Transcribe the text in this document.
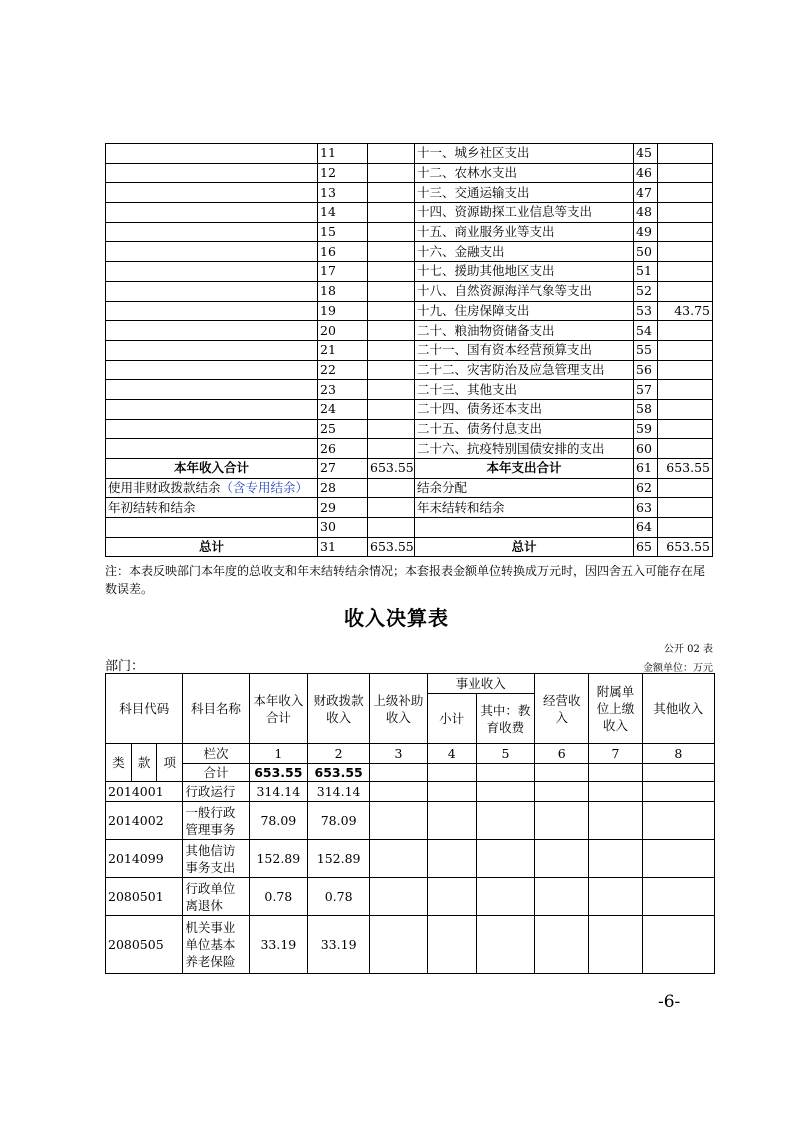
	11		十一、城乡社区支出	45	
	12		十二、农林水支出	46	
	13		十三、交通运输支出	47	
	14		十四、资源勘探工业信息等支出	48	
	15		十五、商业服务业等支出	49	
	16		十六、金融支出	50	
	17		十七、援助其他地区支出	51	
	18		十八、自然资源海洋气象等支出	52	
	19		十九、住房保障支出	53	43.75
	20		二十、粮油物资储备支出	54	
	21		二十一、国有资本经营预算支出	55	
	22		二十二、灾害防治及应急管理支出	56	
	23		二十三、其他支出	57	
	24		二十四、债务还本支出	58	
	25		二十五、债务付息支出	59	
	26		二十六、抗疫特别国债安排的支出	60	
本年收入合计	27	653.55	本年支出合计	61	653.55
使用非财政拨款结余（含专用结余）	28		结余分配	62	
年初结转和结余	29		年末结转和结余	63	
	30			64	
总计	31	653.55	总计	65	653.55
注：本表反映部门本年度的总收支和年末结转结余情况；本套报表金额单位转换成万元时，因四舍五入可能存在尾数误差。
收入决算表
公开 02 表
部门：	金额单位：万元
科目代码			科目名称	本年收入合计	财政拨款收入	上级补助收入	事业收入		经营收入	附属单位上缴收入	其他收入
							小计	其中：教育收费			
类	款	项	栏次	1	2	3	4	5	6	7	8
			合计	653.55	653.55						
2014001			行政运行	314.14	314.14						
2014002			一般行政管理事务	78.09	78.09						
2014099			其他信访事务支出	152.89	152.89						
2080501			行政单位离退休	0.78	0.78						
2080505			机关事业单位基本养老保险	33.19	33.19						
-6-
